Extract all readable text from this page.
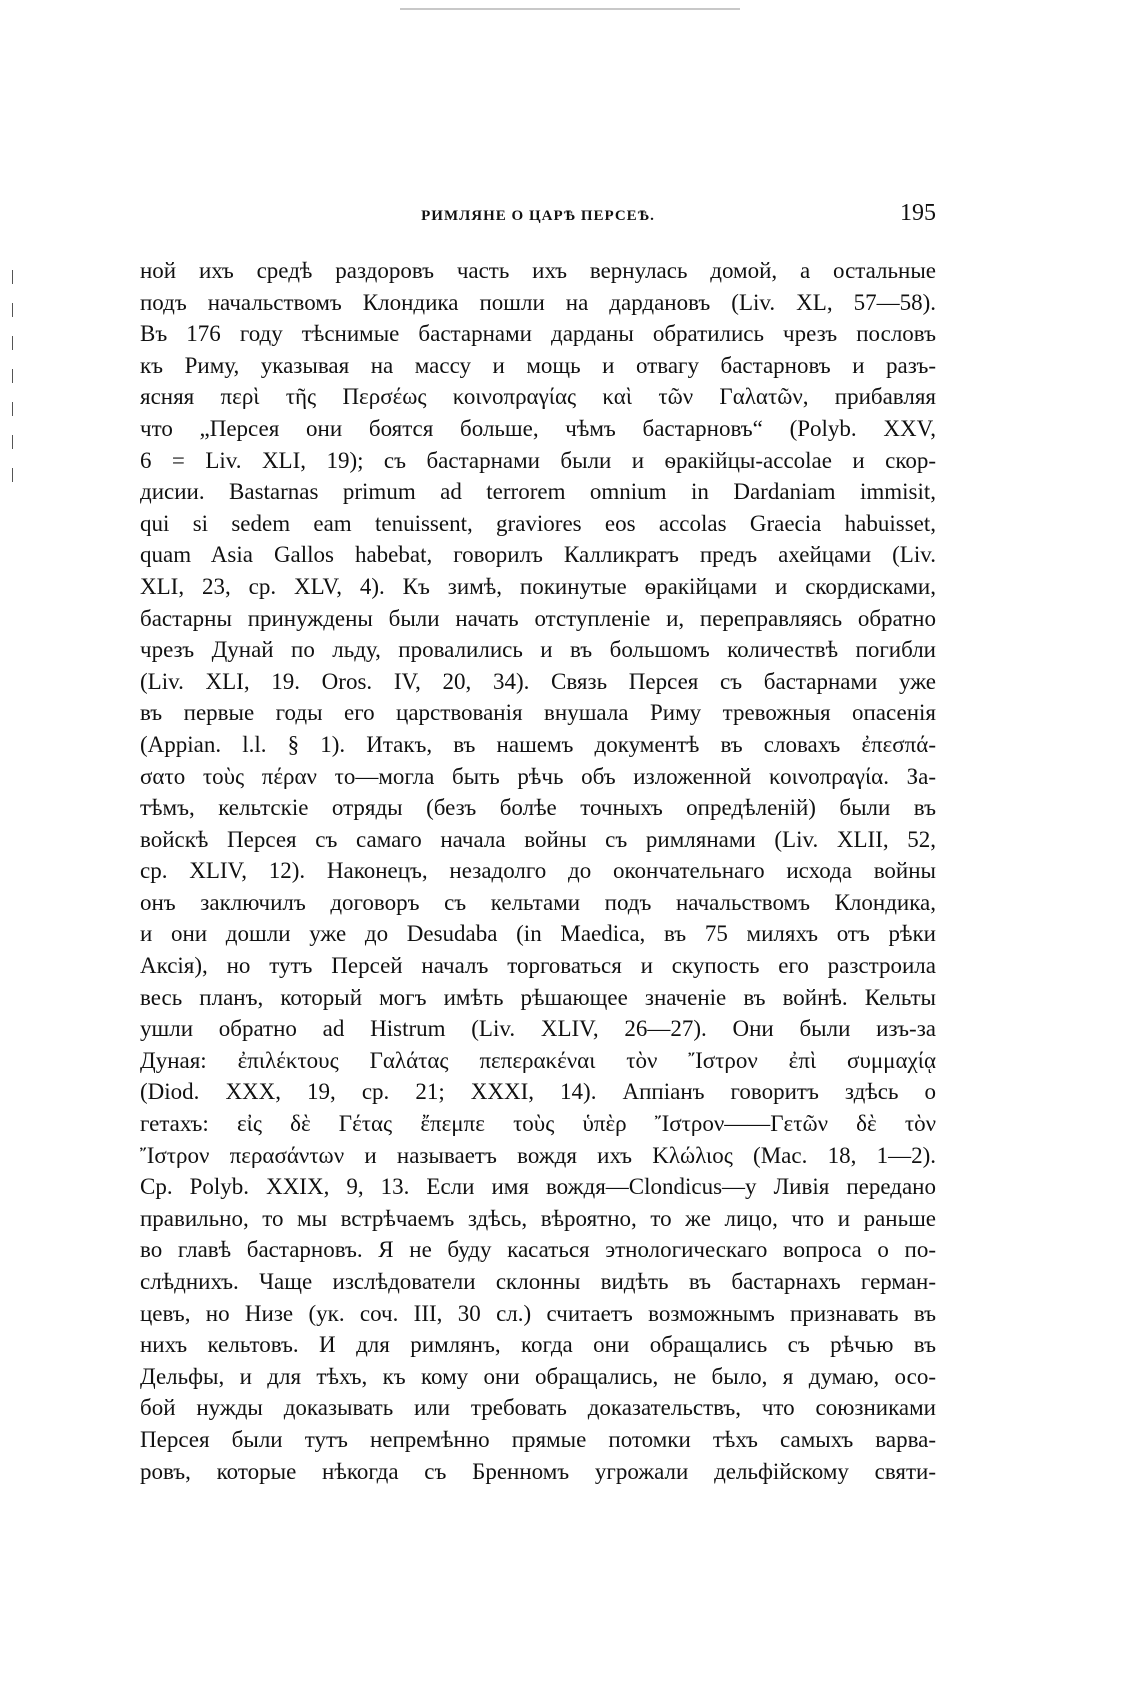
РИМЛЯНЕ О ЦАРѢ ПЕРСЕѢ.	195
ной ихъ средѣ раздоровъ часть ихъ вернулась домой, а остальные
подъ начальствомъ Клондика пошли на дардановъ (Liv. XL, 57—58).
Въ 176 году тѣснимые бастарнами дарданы обратились чрезъ пословъ
къ Риму, указывая на массу и мощь и отвагу бастарновъ и разъ-
ясняя περὶ τῆς Περσέως κοινοπραγίας καὶ τῶν Γαλατῶν, прибавляя
что „Персея они боятся больше, чѣмъ бастарновъ“ (Polyb. XXV,
6 = Liv. XLI, 19); съ бастарнами были и ѳракійцы-accolae и скор-
дисии. Bastarnas primum ad terrorem omnium in Dardaniam immisit,
qui si sedem eam tenuissent, graviores eos accolas Graecia habuisset,
quam Asia Gallos habebat, говорилъ Калликратъ предъ ахейцами (Liv.
XLI, 23, ср. XLV, 4). Къ зимѣ, покинутые ѳракійцами и скордисками,
бастарны принуждены были начать отступленіе и, переправляясь обратно
чрезъ Дунай по льду, провалились и въ большомъ количествѣ погибли
(Liv. XLI, 19. Oros. IV, 20, 34). Связь Персея съ бастарнами уже
въ первые годы его царствованія внушала Риму тревожныя опасенія
(Appian. l.l. § 1). Итакъ, въ нашемъ документѣ въ словахъ ἐπεσπά-
σατο τοὺς πέραν το—могла быть рѣчь объ изложенной κοινοπραγία. За-
тѣмъ, кельтскіе отряды (безъ болѣе точныхъ опредѣленій) были въ
войскѣ Персея съ самаго начала войны съ римлянами (Liv. XLII, 52,
ср. XLIV, 12). Наконецъ, незадолго до окончательнаго исхода войны
онъ заключилъ договоръ съ кельтами подъ начальствомъ Клондика,
и они дошли уже до Desudaba (in Maedica, въ 75 миляхъ отъ рѣки
Аксія), но тутъ Персей началъ торговаться и скупость его разстроила
весь планъ, который могъ имѣть рѣшающее значеніе въ войнѣ. Кельты
ушли обратно ad Histrum (Liv. XLIV, 26—27). Они были изъ-за
Дуная: ἐπιλέκτους Γαλάτας πεπερακέναι τὸν Ἴστρον ἐπὶ συμμαχίᾳ
(Diod. XXX, 19, ср. 21; XXXI, 14). Аппіанъ говоритъ здѣсь о
гетахъ: εἰς δὲ Γέτας ἔπεμπε τοὺς ὑπὲρ Ἴστρον——Γετῶν δὲ τὸν
Ἴστρον περασάντων и называетъ вождя ихъ Κλώλιος (Mac. 18, 1—2).
Ср. Polyb. XXIX, 9, 13. Если имя вождя—Clondicus—у Ливія передано
правильно, то мы встрѣчаемъ здѣсь, вѣроятно, то же лицо, что и раньше
во главѣ бастарновъ. Я не буду касаться этнологическаго вопроса о по-
слѣднихъ. Чаще изслѣдователи склонны видѣть въ бастарнахъ герман-
цевъ, но Низе (ук. соч. III, 30 сл.) считаетъ возможнымъ признавать въ
нихъ кельтовъ. И для римлянъ, когда они обращались съ рѣчью въ
Дельфы, и для тѣхъ, къ кому они обращались, не было, я думаю, осо-
бой нужды доказывать или требовать доказательствъ, что союзниками
Персея были тутъ непремѣнно прямые потомки тѣхъ самыхъ варва-
ровъ, которые нѣкогда съ Бренномъ угрожали дельфійскому святи-
